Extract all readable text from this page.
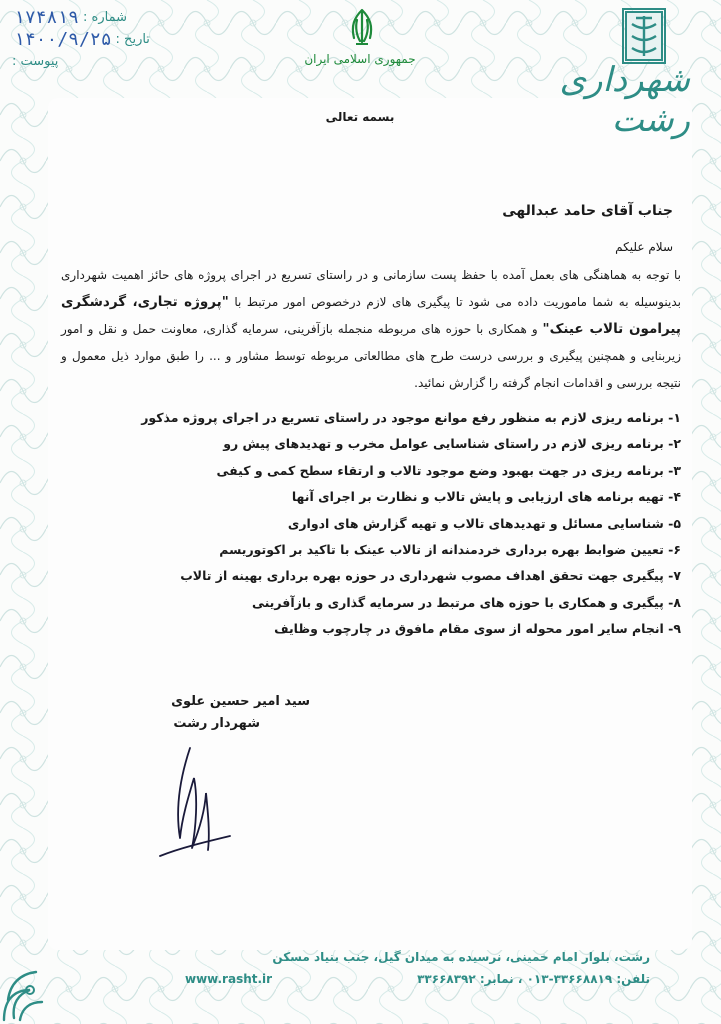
شماره :
۱۷۴۸۱۹
تاریخ :
۱۴۰۰/۹/۲۵
پیوست :	جمهوری اسلامی ایران
شهرداری رشت
بسمه تعالی
جناب آقای حامد عبدالهی
سلام علیکم
با توجه به هماهنگی های بعمل آمده با حفظ پست سازمانی و در راستای تسریع در اجرای پروژه های حائز اهمیت شهرداری بدینوسیله به شما ماموریت داده می شود تا پیگیری های لازم درخصوص امور مرتبط با "پروژه تجاری، گردشگری پیرامون تالاب عینک" و همکاری با حوزه های مربوطه منجمله بازآفرینی، سرمایه گذاری، معاونت حمل و نقل و امور زیربنایی و همچنین پیگیری و بررسی درست طرح های مطالعاتی مربوطه توسط مشاور و ... را طبق موارد ذیل معمول و نتیجه بررسی و اقدامات انجام گرفته را گزارش نمائید.
۱- برنامه ریزی لازم به منظور رفع موانع موجود در راستای تسریع در اجرای پروژه مذکور
۲- برنامه ریزی لازم در راستای شناسایی عوامل مخرب و تهدیدهای پیش رو
۳- برنامه ریزی در جهت بهبود وضع موجود تالاب و ارتقاء سطح کمی و کیفی
۴- تهیه برنامه های ارزیابی و پایش تالاب و نظارت بر اجرای آنها
۵- شناسایی مسائل و تهدیدهای تالاب و تهیه گزارش های ادواری
۶- تعیین ضوابط بهره برداری خردمندانه از تالاب عینک با تاکید بر اکوتوریسم
۷- پیگیری جهت تحقق اهداف مصوب شهرداری در حوزه بهره برداری بهینه از تالاب
۸- پیگیری و همکاری با حوزه های مرتبط در سرمایه گذاری و بازآفرینی
۹- انجام سایر امور محوله از سوی مقام مافوق در چارچوب وظایف
سید امیر حسین علوی
شهردار رشت
رشت، بلوار امام خمینی، نرسیده به میدان گیل، جنب بنیاد مسکن
تلفن: ۳۳۶۶۸۸۱۹-۰۱۳ ، نمابر: ۳۳۶۶۸۳۹۲
www.rasht.ir
